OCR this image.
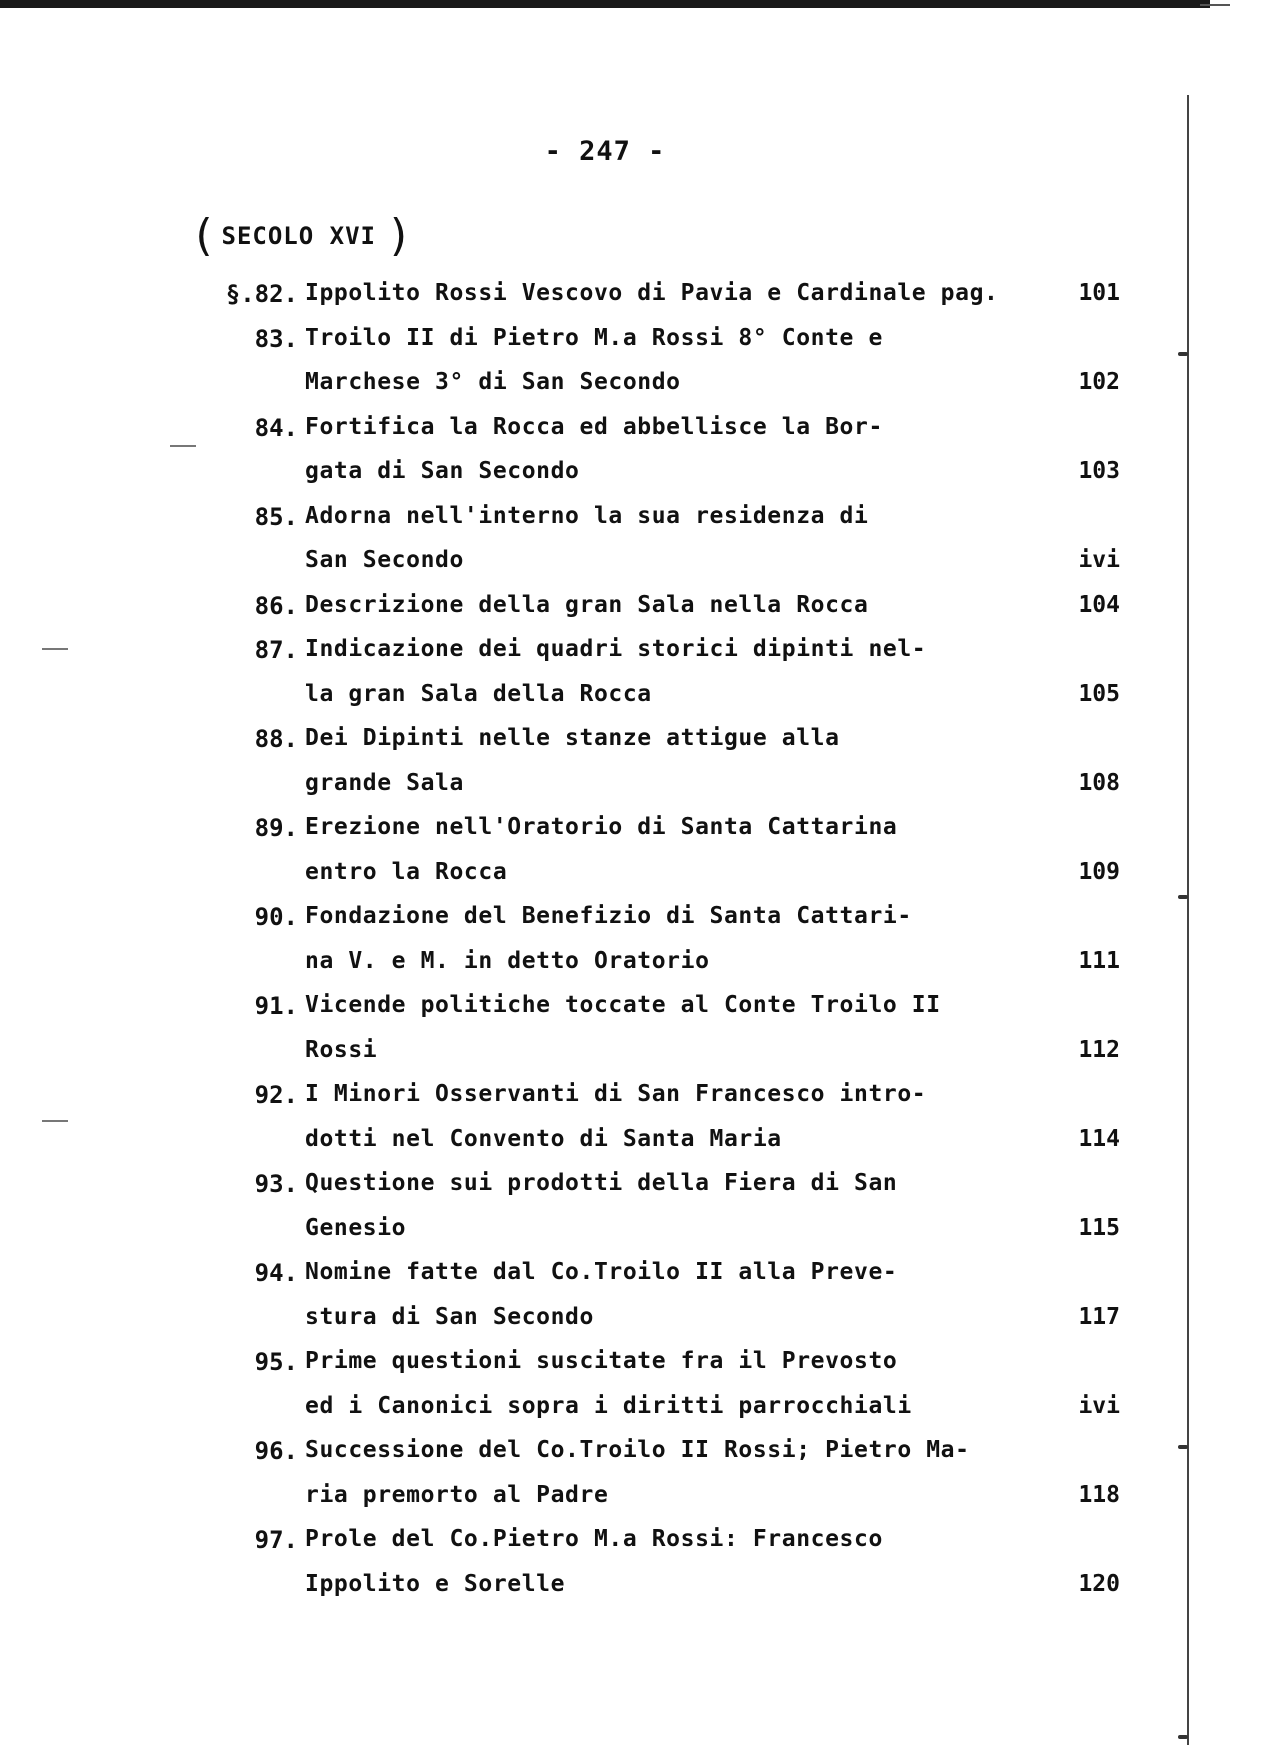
- 247 -
( SECOLO XVI )
§.82. Ippolito Rossi Vescovo di Pavia e Cardinale pag.	101
83. Troilo II di Pietro M.a Rossi 8° Conte e
Marchese 3° di San Secondo	102
84. Fortifica la Rocca ed abbellisce la Bor-
gata di San Secondo	103
85. Adorna nell'interno la sua residenza di
San Secondo	ivi
86. Descrizione della gran Sala nella Rocca	104
87. Indicazione dei quadri storici dipinti nel-
la gran Sala della Rocca	105
88. Dei Dipinti nelle stanze attigue alla
grande Sala	108
89. Erezione nell'Oratorio di Santa Cattarina
entro la Rocca	109
90. Fondazione del Benefizio di Santa Cattari-
na V. e M. in detto Oratorio	111
91. Vicende politiche toccate al Conte Troilo II
Rossi	112
92. I Minori Osservanti di San Francesco intro-
dotti nel Convento di Santa Maria	114
93. Questione sui prodotti della Fiera di San
Genesio	115
94. Nomine fatte dal Co.Troilo II alla Preve-
stura di San Secondo	117
95. Prime questioni suscitate fra il Prevosto
ed i Canonici sopra i diritti parrocchiali	ivi
96. Successione del Co.Troilo II Rossi; Pietro Ma-
ria premorto al Padre	118
97. Prole del Co.Pietro M.a Rossi: Francesco
Ippolito e Sorelle	120
